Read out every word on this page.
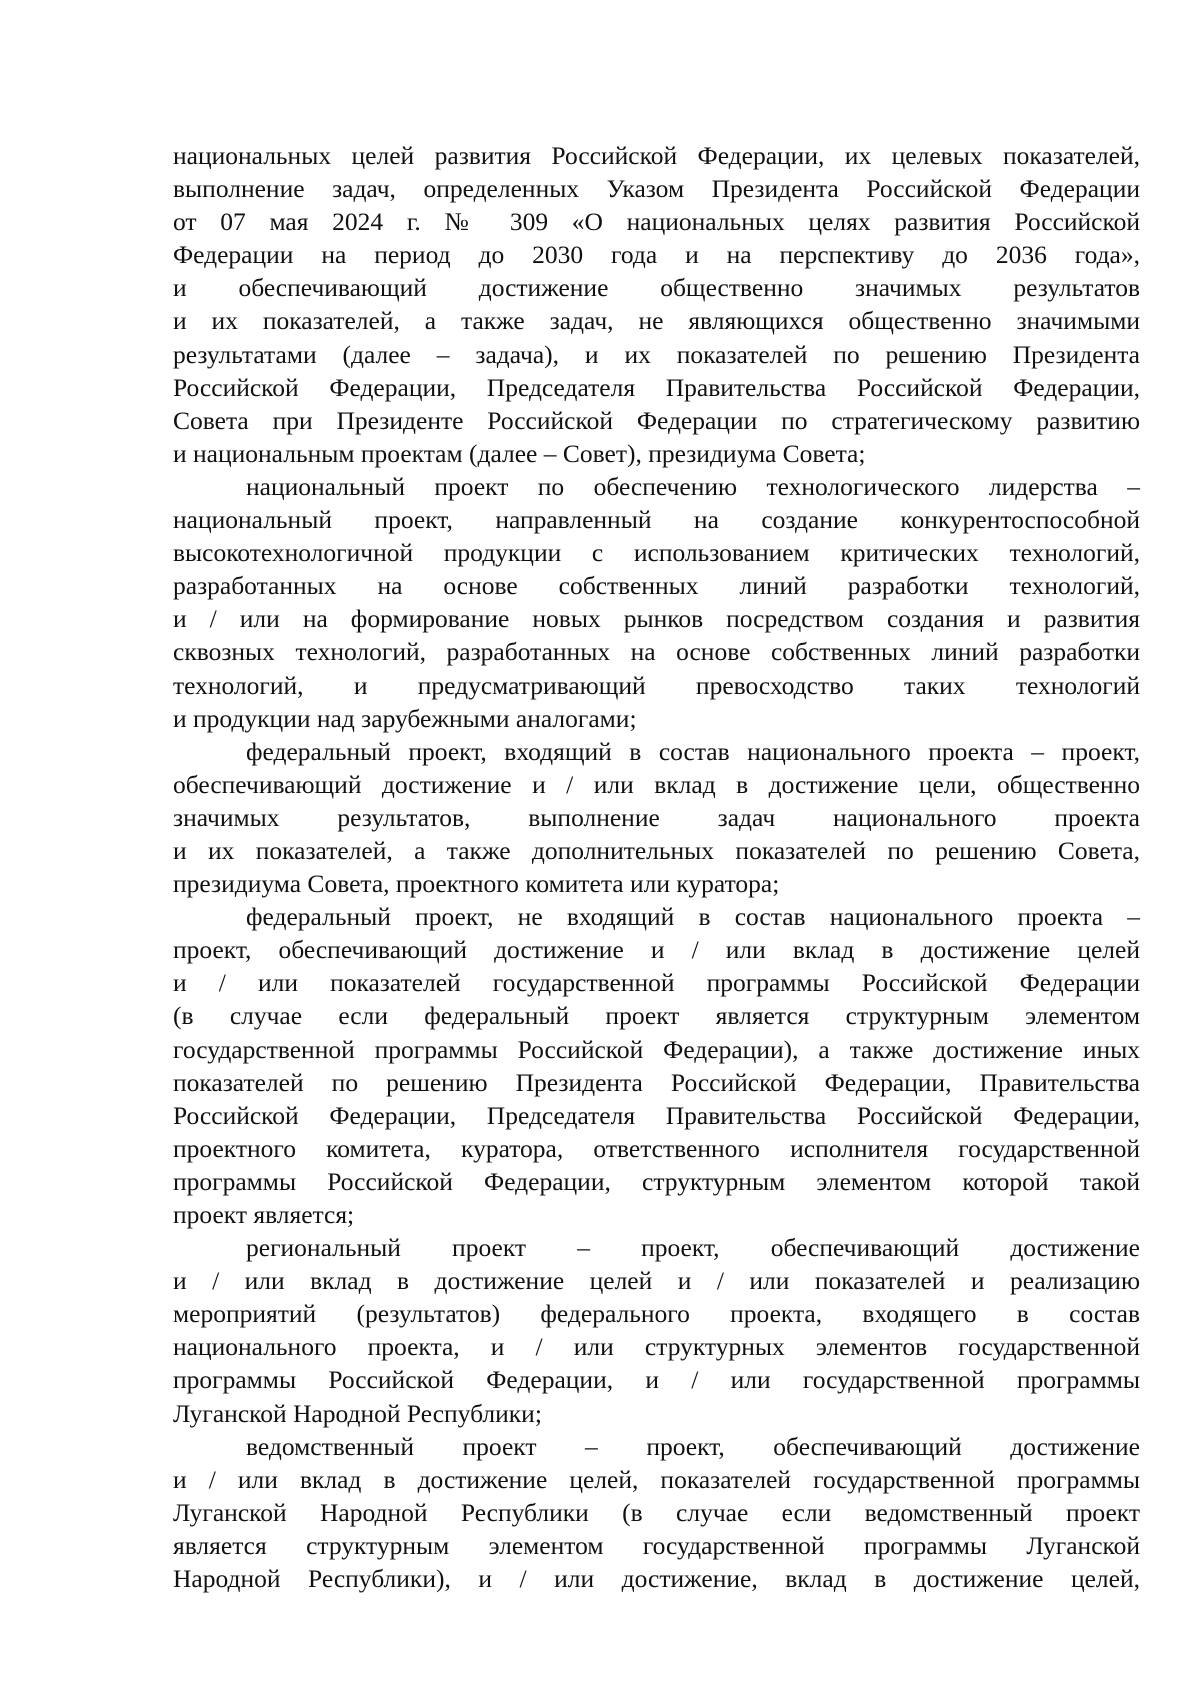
национальных целей развития Российской Федерации, их целевых показателей,
выполнение задач, определенных Указом Президента Российской Федерации
от 07 мая 2024 г. № 309 «О национальных целях развития Российской
Федерации на период до 2030 года и на перспективу до 2036 года»,
и обеспечивающий достижение общественно значимых результатов
и их показателей, а также задач, не являющихся общественно значимыми
результатами (далее – задача), и их показателей по решению Президента
Российской Федерации, Председателя Правительства Российской Федерации,
Совета при Президенте Российской Федерации по стратегическому развитию
и национальным проектам (далее – Совет), президиума Совета;
национальный проект по обеспечению технологического лидерства –
национальный проект, направленный на создание конкурентоспособной
высокотехнологичной продукции с использованием критических технологий,
разработанных на основе собственных линий разработки технологий,
и / или на формирование новых рынков посредством создания и развития
сквозных технологий, разработанных на основе собственных линий разработки
технологий, и предусматривающий превосходство таких технологий
и продукции над зарубежными аналогами;
федеральный проект, входящий в состав национального проекта – проект,
обеспечивающий достижение и / или вклад в достижение цели, общественно
значимых результатов, выполнение задач национального проекта
и их показателей, а также дополнительных показателей по решению Совета,
президиума Совета, проектного комитета или куратора;
федеральный проект, не входящий в состав национального проекта –
проект, обеспечивающий достижение и / или вклад в достижение целей
и / или показателей государственной программы Российской Федерации
(в случае если федеральный проект является структурным элементом
государственной программы Российской Федерации), а также достижение иных
показателей по решению Президента Российской Федерации, Правительства
Российской Федерации, Председателя Правительства Российской Федерации,
проектного комитета, куратора, ответственного исполнителя государственной
программы Российской Федерации, структурным элементом которой такой
проект является;
региональный проект – проект, обеспечивающий достижение
и / или вклад в достижение целей и / или показателей и реализацию
мероприятий (результатов) федерального проекта, входящего в состав
национального проекта, и / или структурных элементов государственной
программы Российской Федерации, и / или государственной программы
Луганской Народной Республики;
ведомственный проект – проект, обеспечивающий достижение
и / или вклад в достижение целей, показателей государственной программы
Луганской Народной Республики (в случае если ведомственный проект
является структурным элементом государственной программы Луганской
Народной Республики), и / или достижение, вклад в достижение целей,
